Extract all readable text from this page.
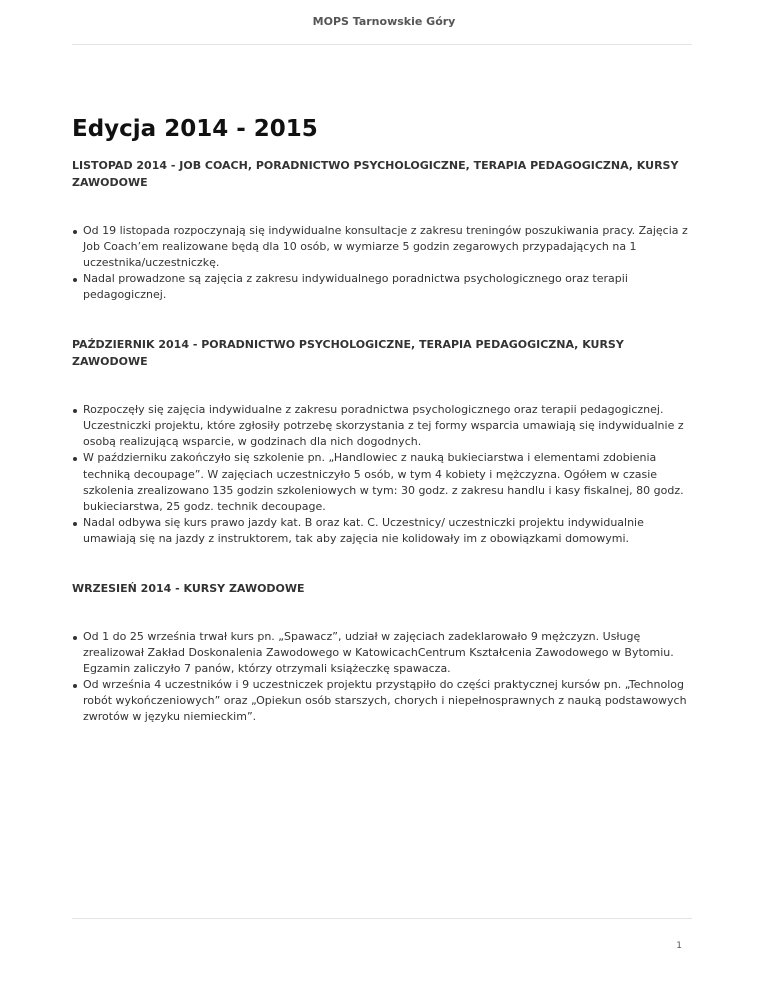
MOPS Tarnowskie Góry
Edycja 2014 - 2015
LISTOPAD 2014 - JOB COACH, PORADNICTWO PSYCHOLOGICZNE, TERAPIA PEDAGOGICZNA, KURSY ZAWODOWE
Od 19 listopada rozpoczynają się indywidualne konsultacje z zakresu treningów poszukiwania pracy. Zajęcia z Job Coach’em realizowane będą dla 10 osób, w wymiarze 5 godzin zegarowych przypadających na 1 uczestnika/uczestniczkę.
Nadal prowadzone są zajęcia z zakresu indywidualnego poradnictwa psychologicznego oraz terapii pedagogicznej.
PAŹDZIERNIK 2014 - PORADNICTWO PSYCHOLOGICZNE, TERAPIA PEDAGOGICZNA, KURSY ZAWODOWE
Rozpoczęły się zajęcia indywidualne z zakresu poradnictwa psychologicznego oraz terapii pedagogicznej. Uczestniczki projektu, które zgłosiły potrzebę skorzystania z tej formy wsparcia umawiają się indywidualnie z osobą realizującą wsparcie, w godzinach dla nich dogodnych.
W październiku zakończyło się szkolenie pn. „Handlowiec z nauką bukieciarstwa i elementami zdobienia techniką decoupage”. W zajęciach uczestniczyło 5 osób, w tym 4 kobiety i mężczyzna. Ogółem w czasie szkolenia zrealizowano 135 godzin szkoleniowych w tym: 30 godz. z zakresu handlu i kasy fiskalnej, 80 godz. bukieciarstwa, 25 godz. technik decoupage.
Nadal odbywa się kurs prawo jazdy kat. B oraz kat. C. Uczestnicy/ uczestniczki projektu indywidualnie umawiają się na jazdy z instruktorem, tak aby zajęcia nie kolidowały im z obowiązkami domowymi.
WRZESIEŃ 2014 - KURSY ZAWODOWE
Od 1 do 25 września trwał kurs pn. „Spawacz”, udział w zajęciach zadeklarowało 9 mężczyzn. Usługę zrealizował Zakład Doskonalenia Zawodowego w KatowicachCentrum Kształcenia Zawodowego w Bytomiu. Egzamin zaliczyło 7 panów, którzy otrzymali książeczkę spawacza.
Od września 4 uczestników i 9 uczestniczek projektu przystąpiło do części praktycznej kursów pn. „Technolog robót wykończeniowych” oraz „Opiekun osób starszych, chorych i niepełnosprawnych z nauką podstawowych zwrotów w języku niemieckim”.
1
